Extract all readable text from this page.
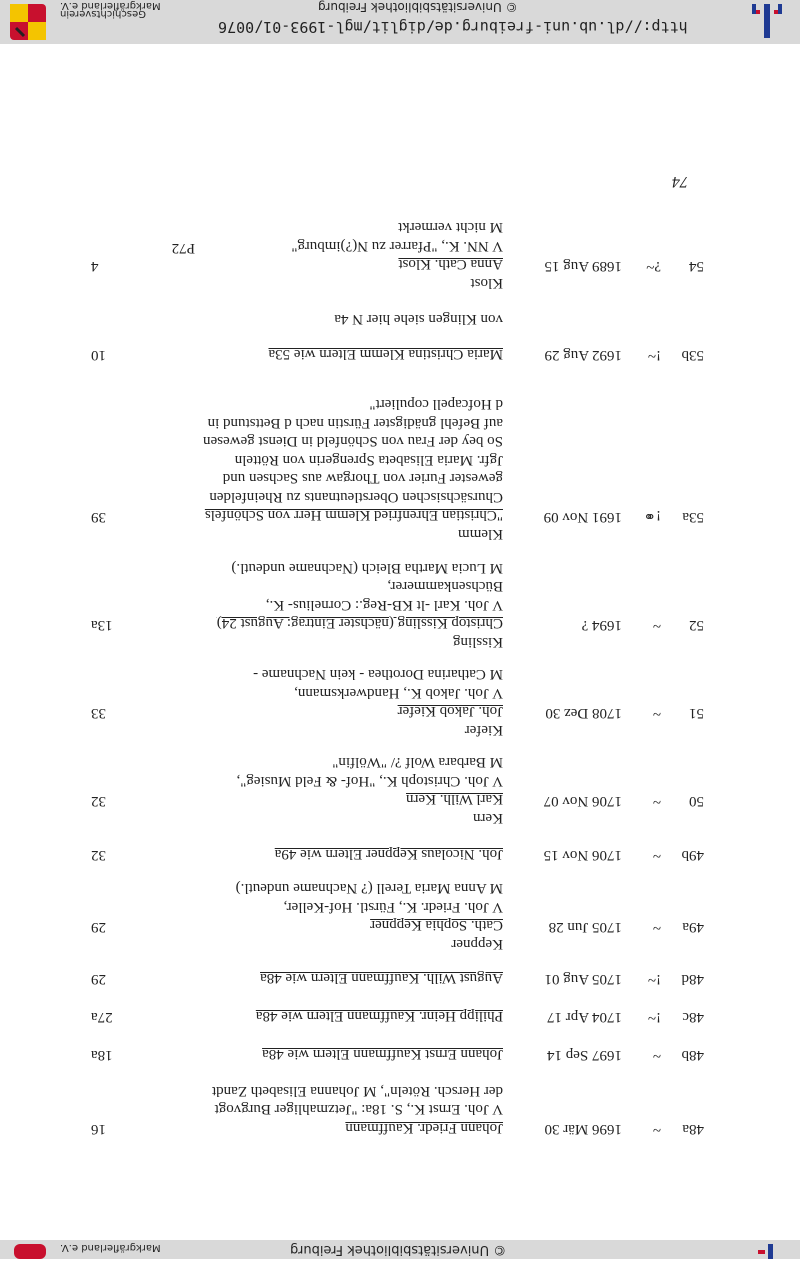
http://dl.ub.uni-freiburg.de/diglit/mgl-1993-01/0076
© Universitätsbibliothek Freiburg
Geschichtsverein
Markgräflerland e.V.
© Universitätsbibliothek Freiburg
Markgräflerland e.V.
48a
~
1696 Mär 30
Johann Friedr. Kauffmann
V Joh. Ernst K., S. 18a: "Jetzmahliger Burgvogt
der Hersch. Röteln", M Johanna Elisabeth Zandt
16
48b
~
1697 Sep 14
Johann Ernst Kauffmann Eltern wie 48a
18a
48c
!~
1704 Apr 17
Philipp Heinr. Kauffmann Eltern wie 48a
27a
48d
!~
1705 Aug 01
August Wilh. Kauffmann Eltern wie 48a
29
49a
~
1705 Jun 28
Keppner
Cath. Sophia Keppner
V Joh. Friedr. K., Fürstl. Hof-Keller,
M Anna Maria Terell (? Nachname undeutl.)
29
49b
~
1706 Nov 15
Joh. Nicolaus Keppner Eltern wie 49a
32
50
~
1706 Nov 07
Kern
Karl Wilh. Kern
V Joh. Christoph K., "Hof- & Feld Musieg",
M Barbara Wolf ?/ "Wölfin"
32
51
~
1708 Dez 30
Kiefer
Joh. Jakob Kiefer
V Joh. Jakob K., Handwerksmann,
M Catharina Dorothea - kein Nachname -
33
52
~
1694 ?
Kissling
Christop Kissling (nächster Eintrag: August 24)
V Joh. Karl -lt KB-Reg.: Cornelius- K.,
Büchsenkammerer,
M Lucia Martha Bleich (Nachname undeutl.)
13a
53a
!⚭
1691 Nov 09
Klemm
"Christian Ehrenfried Klemm Herr von Schönfels
Chursächsischen Oberstleutnants zu Rheinfelden
gewester Furier von Thorgaw aus Sachsen und
Jgfr. Maria Elisabeta Sprengerin von Rötteln
So bey der Frau von Schönfeld in Dienst gewesen
auf Befehl gnädigster Fürstin nach d Bettstund in
d Hofcapell copuliert"
39
53b
!~
1692 Aug 29
Maria Christina Klemm Eltern wie 53a
10
von Klingen siehe hier N 4a
54
?~
1689 Aug 15
Klost
Anna Cath. Klost
V NN. K., "Pfarrer zu N(?)imburg"
M nicht vermerkt
4
P72
74
